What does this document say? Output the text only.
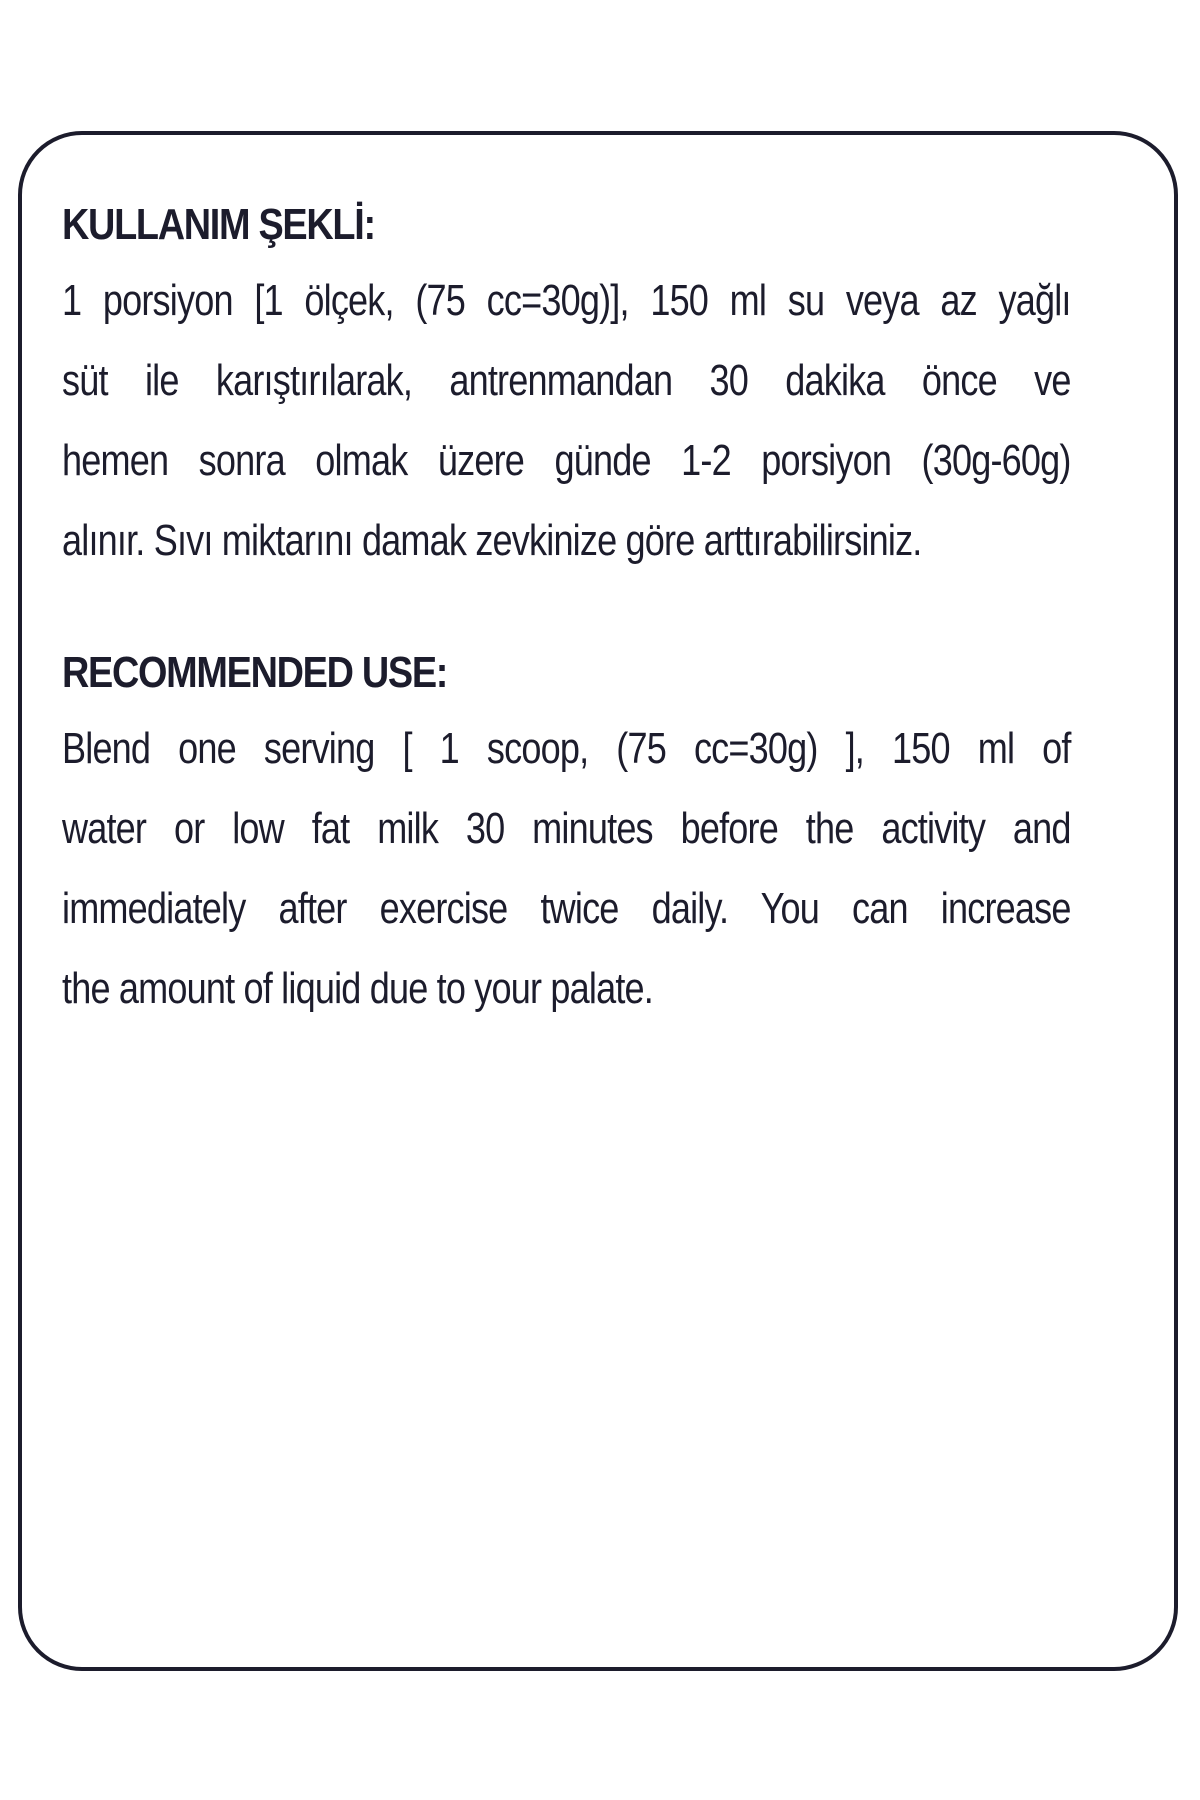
KULLANIM ŞEKLİ:

1 porsiyon [1 ölçek, (75 cc=30g)], 150 ml su veya az yağlı
süt ile karıştırılarak, antrenmandan 30 dakika önce ve
hemen sonra olmak üzere günde 1-2 porsiyon (30g-60g)
alınır. Sıvı miktarını damak zevkinize göre arttırabilirsiniz.

RECOMMENDED USE:

Blend one serving [ 1 scoop, (75 cc=30g) ], 150 ml of
water or low fat milk 30 minutes before the activity and
immediately after exercise twice daily. You can increase
the amount of liquid due to your palate.
